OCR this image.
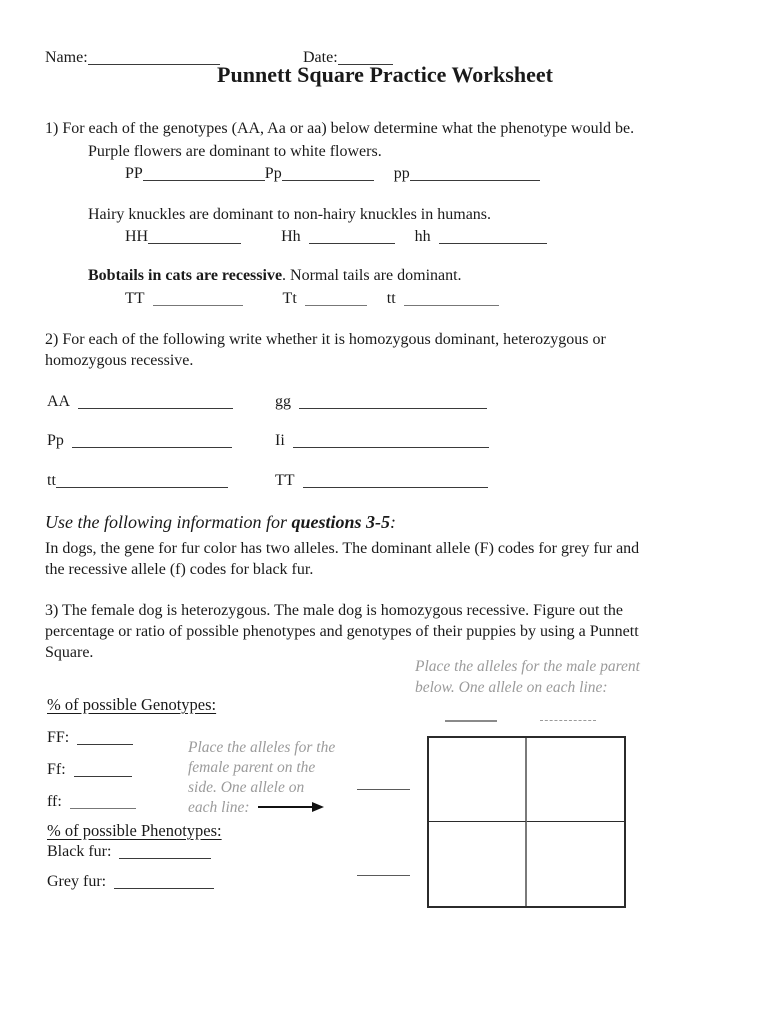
Name:	Date:
Punnett Square Practice Worksheet
1) For each of the genotypes (AA, Aa or aa) below determine what the phenotype would be.
Purple flowers are dominant to white flowers.
PP	Pp	pp
Hairy knuckles are dominant to non-hairy knuckles in humans.
HH	Hh	hh
Bobtails in cats are recessive. Normal tails are dominant.
TT	Tt	tt
2) For each of the following write whether it is homozygous dominant, heterozygous or
homozygous recessive.
AA	gg
Pp	Ii
tt	TT
Use the following information for questions 3-5:
In dogs, the gene for fur color has two alleles. The dominant allele (F) codes for grey fur and
the recessive allele (f) codes for black fur.
3) The female dog is heterozygous. The male dog is homozygous recessive. Figure out the
percentage or ratio of possible phenotypes and genotypes of their puppies by using a Punnett
Square.
Place the alleles for the male parent
below. One allele on each line:
Place the alleles for the
female parent on the
side. One allele on
each line:
% of possible Genotypes:
FF:
Ff:
ff:
% of possible Phenotypes:
Black fur:
Grey fur:
